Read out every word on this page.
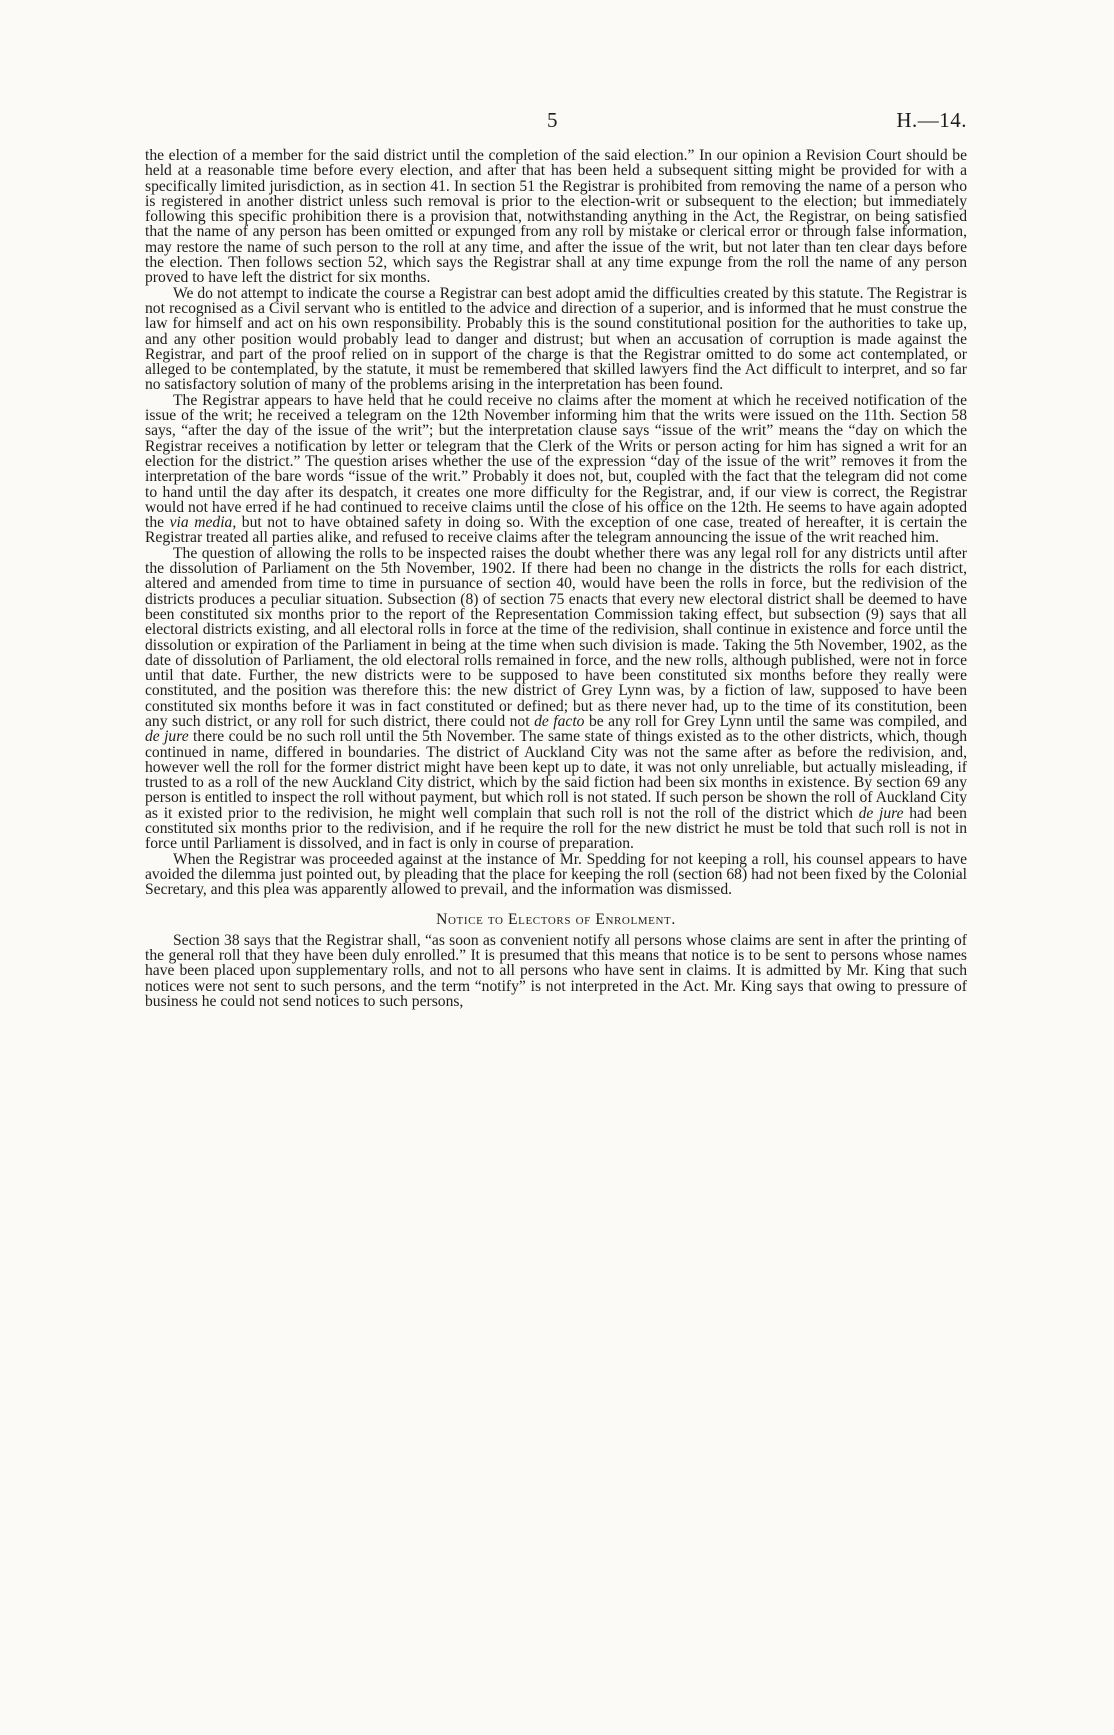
5	H.—14.

the election of a member for the said district until the completion of the said election.” In our opinion a Revision Court should be held at a reasonable time before every election, and after that has been held a subsequent sitting might be provided for with a specifically limited jurisdiction, as in section 41. In section 51 the Registrar is prohibited from removing the name of a person who is registered in another district unless such removal is prior to the election-writ or subsequent to the election; but immediately following this specific prohibition there is a provision that, notwithstanding anything in the Act, the Registrar, on being satisfied that the name of any person has been omitted or expunged from any roll by mistake or clerical error or through false information, may restore the name of such person to the roll at any time, and after the issue of the writ, but not later than ten clear days before the election. Then follows section 52, which says the Registrar shall at any time expunge from the roll the name of any person proved to have left the district for six months.

We do not attempt to indicate the course a Registrar can best adopt amid the difficulties created by this statute. The Registrar is not recognised as a Civil servant who is entitled to the advice and direction of a superior, and is informed that he must construe the law for himself and act on his own responsibility. Probably this is the sound constitutional position for the authorities to take up, and any other position would probably lead to danger and distrust; but when an accusation of corruption is made against the Registrar, and part of the proof relied on in support of the charge is that the Registrar omitted to do some act contemplated, or alleged to be contemplated, by the statute, it must be remembered that skilled lawyers find the Act difficult to interpret, and so far no satisfactory solution of many of the problems arising in the interpretation has been found.

The Registrar appears to have held that he could receive no claims after the moment at which he received notification of the issue of the writ; he received a telegram on the 12th November informing him that the writs were issued on the 11th. Section 58 says, “after the day of the issue of the writ”; but the interpretation clause says “issue of the writ” means the “day on which the Registrar receives a notification by letter or telegram that the Clerk of the Writs or person acting for him has signed a writ for an election for the district.” The question arises whether the use of the expression “day of the issue of the writ” removes it from the interpretation of the bare words “issue of the writ.” Probably it does not, but, coupled with the fact that the telegram did not come to hand until the day after its despatch, it creates one more difficulty for the Registrar, and, if our view is correct, the Registrar would not have erred if he had continued to receive claims until the close of his office on the 12th. He seems to have again adopted the via media, but not to have obtained safety in doing so. With the exception of one case, treated of hereafter, it is certain the Registrar treated all parties alike, and refused to receive claims after the telegram announcing the issue of the writ reached him.

The question of allowing the rolls to be inspected raises the doubt whether there was any legal roll for any districts until after the dissolution of Parliament on the 5th November, 1902. If there had been no change in the districts the rolls for each district, altered and amended from time to time in pursuance of section 40, would have been the rolls in force, but the redivision of the districts produces a peculiar situation. Subsection (8) of section 75 enacts that every new electoral district shall be deemed to have been constituted six months prior to the report of the Representation Commission taking effect, but subsection (9) says that all electoral districts existing, and all electoral rolls in force at the time of the redivision, shall continue in existence and force until the dissolution or expiration of the Parliament in being at the time when such division is made. Taking the 5th November, 1902, as the date of dissolution of Parliament, the old electoral rolls remained in force, and the new rolls, although published, were not in force until that date. Further, the new districts were to be supposed to have been constituted six months before they really were constituted, and the position was therefore this: the new district of Grey Lynn was, by a fiction of law, supposed to have been constituted six months before it was in fact constituted or defined; but as there never had, up to the time of its constitution, been any such district, or any roll for such district, there could not de facto be any roll for Grey Lynn until the same was compiled, and de jure there could be no such roll until the 5th November. The same state of things existed as to the other districts, which, though continued in name, differed in boundaries. The district of Auckland City was not the same after as before the redivision, and, however well the roll for the former district might have been kept up to date, it was not only unreliable, but actually misleading, if trusted to as a roll of the new Auckland City district, which by the said fiction had been six months in existence. By section 69 any person is entitled to inspect the roll without payment, but which roll is not stated. If such person be shown the roll of Auckland City as it existed prior to the redivision, he might well complain that such roll is not the roll of the district which de jure had been constituted six months prior to the redivision, and if he require the roll for the new district he must be told that such roll is not in force until Parliament is dissolved, and in fact is only in course of preparation.

When the Registrar was proceeded against at the instance of Mr. Spedding for not keeping a roll, his counsel appears to have avoided the dilemma just pointed out, by pleading that the place for keeping the roll (section 68) had not been fixed by the Colonial Secretary, and this plea was apparently allowed to prevail, and the information was dismissed.

Notice to Electors of Enrolment.

Section 38 says that the Registrar shall, “as soon as convenient notify all persons whose claims are sent in after the printing of the general roll that they have been duly enrolled.” It is presumed that this means that notice is to be sent to persons whose names have been placed upon supplementary rolls, and not to all persons who have sent in claims. It is admitted by Mr. King that such notices were not sent to such persons, and the term “notify” is not interpreted in the Act. Mr. King says that owing to pressure of business he could not send notices to such persons,
